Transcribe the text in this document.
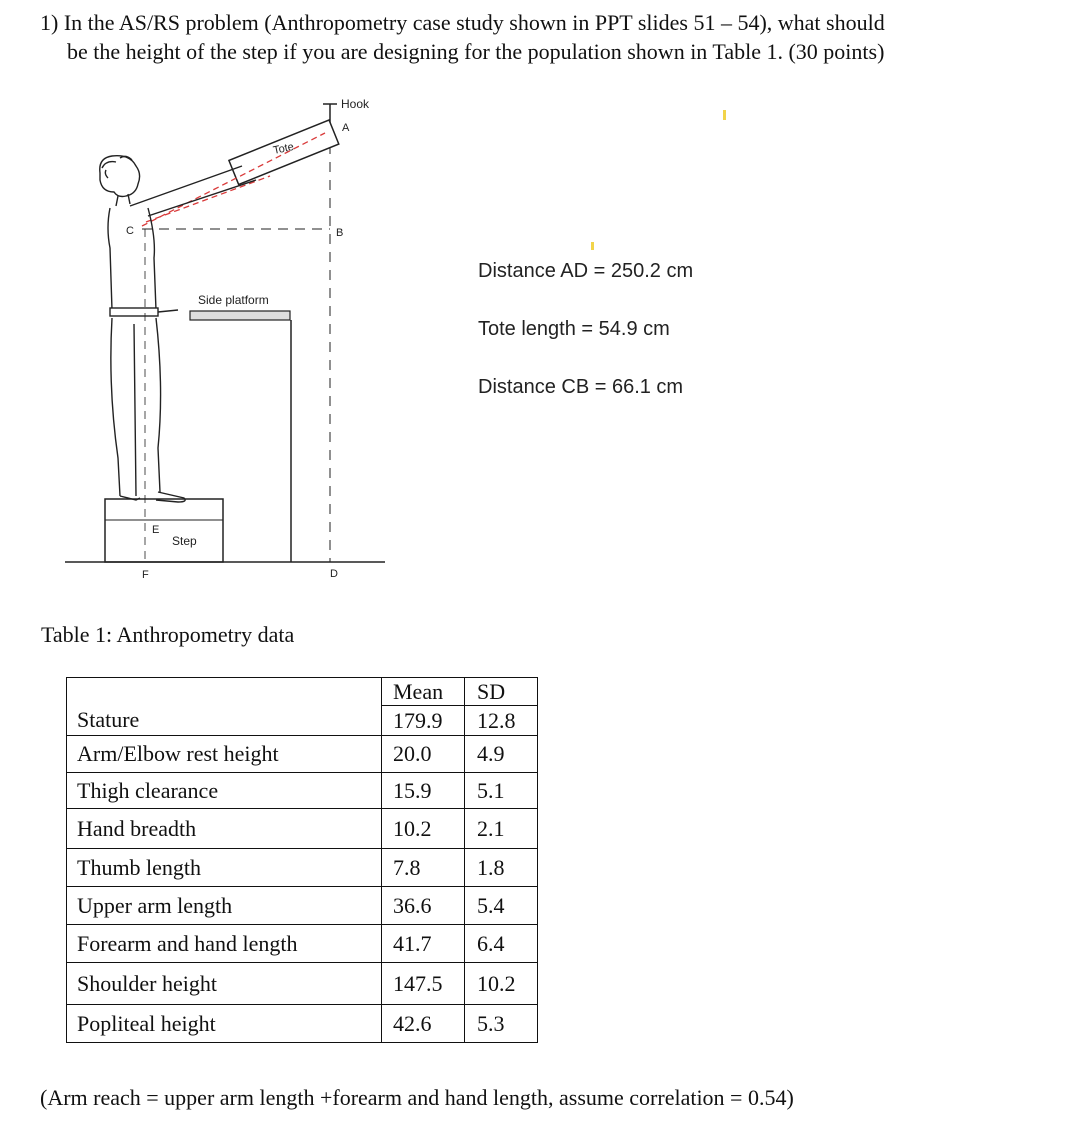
1) In the AS/RS problem (Anthropometry case study shown in PPT slides 51 – 54), what should
be the height of the step if you are designing for the population shown in Table 1. (30 points)
Hook
A
Tote
B
C
Side platform
E
Step
F	D
Distance AD = 250.2 cm
Tote length = 54.9 cm
Distance CB = 66.1 cm
Table 1: Anthropometry data
	Mean	SD
Stature	179.9	12.8
Arm/Elbow rest height	20.0	4.9
Thigh clearance	15.9	5.1
Hand breadth	10.2	2.1
Thumb length	7.8	1.8
Upper arm length	36.6	5.4
Forearm and hand length	41.7	6.4
Shoulder height	147.5	10.2
Popliteal height	42.6	5.3
(Arm reach = upper arm length +forearm and hand length, assume correlation = 0.54)
